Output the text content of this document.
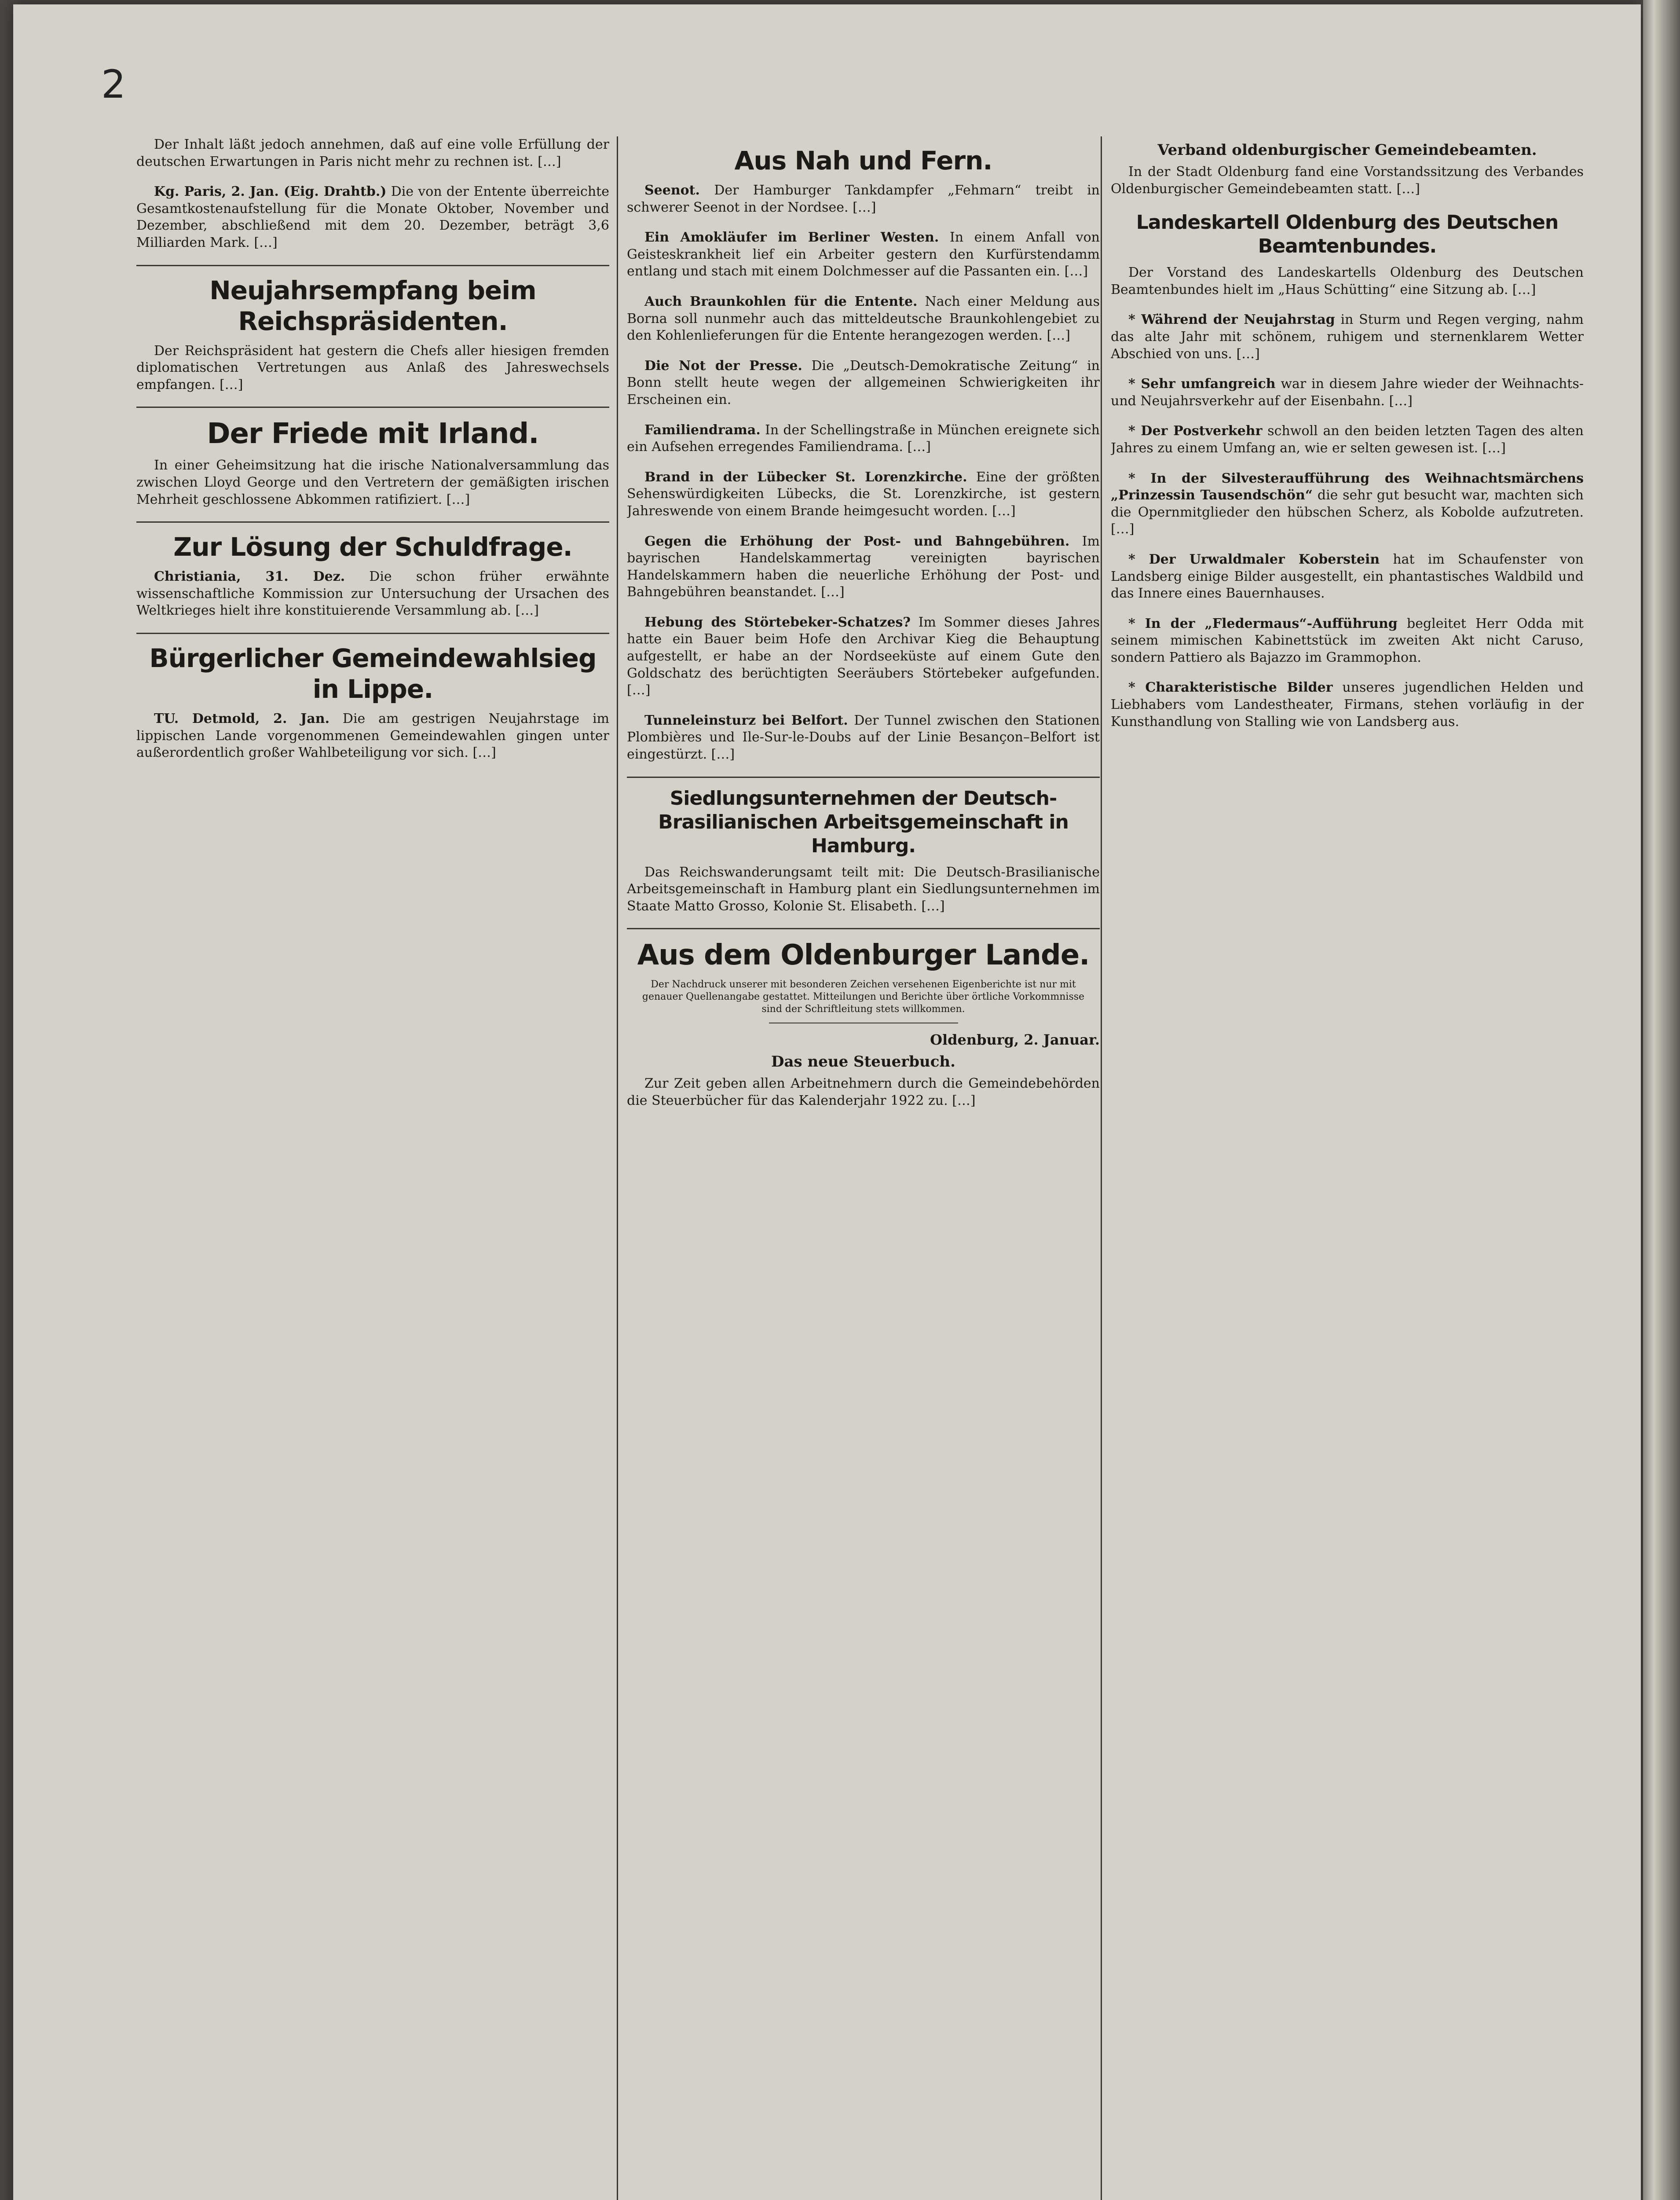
2

Der Inhalt läßt jedoch annehmen, daß auf eine volle Erfüllung der deutschen Erwartungen in Paris nicht mehr zu rechnen ist. […]

Kg. Paris, 2. Jan. (Eig. Drahtb.) Die von der Entente überreichte Gesamtkostenaufstellung für die Monate Oktober, November und Dezember, abschließend mit dem 20. Dezember, beträgt 3,6 Milliarden Mark. […]

Neujahrsempfang beim Reichspräsidenten.

Der Reichspräsident hat gestern die Chefs aller hiesigen fremden diplomatischen Vertretungen aus Anlaß des Jahreswechsels empfangen. […]

Der Friede mit Irland.

In einer Geheimsitzung hat die irische Nationalversammlung das zwischen Lloyd George und den Vertretern der gemäßigten irischen Mehrheit geschlossene Abkommen ratifiziert. […]

Zur Lösung der Schuldfrage.

Christiania, 31. Dez. Die schon früher erwähnte wissenschaftliche Kommission zur Untersuchung der Ursachen des Weltkrieges hielt ihre konstituierende Versammlung ab. […]

Bürgerlicher Gemeindewahlsieg in Lippe.

TU. Detmold, 2. Jan. Die am gestrigen Neujahrstage im lippischen Lande vorgenommenen Gemeindewahlen gingen unter außerordentlich großer Wahlbeteiligung vor sich. […]

Aus Nah und Fern.

Seenot. Der Hamburger Tankdampfer „Fehmarn“ treibt in schwerer Seenot in der Nordsee. […]

Ein Amokläufer im Berliner Westen. In einem Anfall von Geisteskrankheit lief ein Arbeiter gestern den Kurfürstendamm entlang und stach mit einem Dolchmesser auf die Passanten ein. […]

Auch Braunkohlen für die Entente. Nach einer Meldung aus Borna soll nunmehr auch das mitteldeutsche Braunkohlengebiet zu den Kohlenlieferungen für die Entente herangezogen werden. […]

Die Not der Presse. Die „Deutsch-Demokratische Zeitung“ in Bonn stellt heute wegen der allgemeinen Schwierigkeiten ihr Erscheinen ein.

Familiendrama. In der Schellingstraße in München ereignete sich ein Aufsehen erregendes Familiendrama. […]

Brand in der Lübecker St. Lorenzkirche. Eine der größten Sehenswürdigkeiten Lübecks, die St. Lorenzkirche, ist gestern Jahreswende von einem Brande heimgesucht worden. […]

Gegen die Erhöhung der Post- und Bahngebühren. Im bayrischen Handelskammertag vereinigten bayrischen Handelskammern haben die neuerliche Erhöhung der Post- und Bahngebühren beanstandet. […]

Hebung des Störtebeker-Schatzes? Im Sommer dieses Jahres hatte ein Bauer beim Hofe den Archivar Kieg die Behauptung aufgestellt, er habe an der Nordseeküste auf einem Gute den Goldschatz des berüchtigten Seeräubers Störtebeker aufgefunden. […]

Tunneleinsturz bei Belfort. Der Tunnel zwischen den Stationen Plombières und Ile-Sur-le-Doubs auf der Linie Besançon–Belfort ist eingestürzt. […]

Siedlungsunternehmen der Deutsch-Brasilianischen Arbeitsgemeinschaft in Hamburg.

Das Reichswanderungsamt teilt mit: Die Deutsch-Brasilianische Arbeitsgemeinschaft in Hamburg plant ein Siedlungsunternehmen im Staate Matto Grosso, Kolonie St. Elisabeth. […]

Aus dem Oldenburger Lande.
Der Nachdruck unserer mit besonderen Zeichen versehenen Eigenberichte ist nur mit genauer Quellenangabe gestattet. Mitteilungen und Berichte über örtliche Vorkommnisse sind der Schriftleitung stets willkommen.
Oldenburg, 2. Januar.
Das neue Steuerbuch.

Zur Zeit geben allen Arbeitnehmern durch die Gemeindebehörden die Steuerbücher für das Kalenderjahr 1922 zu. […]

Verband oldenburgischer Gemeindebeamten.

In der Stadt Oldenburg fand eine Vorstandssitzung des Verbandes Oldenburgischer Gemeindebeamten statt. […]

Landeskartell Oldenburg des Deutschen Beamtenbundes.

Der Vorstand des Landeskartells Oldenburg des Deutschen Beamtenbundes hielt im „Haus Schütting“ eine Sitzung ab. […]

* Während der Neujahrstag in Sturm und Regen verging, nahm das alte Jahr mit schönem, ruhigem und sternenklarem Wetter Abschied von uns. […]

* Sehr umfangreich war in diesem Jahre wieder der Weihnachts- und Neujahrsverkehr auf der Eisenbahn. […]

* Der Postverkehr schwoll an den beiden letzten Tagen des alten Jahres zu einem Umfang an, wie er selten gewesen ist. […]

* In der Silvesteraufführung des Weihnachtsmärchens „Prinzessin Tausendschön“ die sehr gut besucht war, machten sich die Opernmitglieder den hübschen Scherz, als Kobolde aufzutreten. […]

* Der Urwaldmaler Koberstein hat im Schaufenster von Landsberg einige Bilder ausgestellt, ein phantastisches Waldbild und das Innere eines Bauernhauses.

* In der „Fledermaus“-Aufführung begleitet Herr Odda mit seinem mimischen Kabinettstück im zweiten Akt nicht Caruso, sondern Pattiero als Bajazzo im Grammophon.

* Charakteristische Bilder unseres jugendlichen Helden und Liebhabers vom Landestheater, Firmans, stehen vorläufig in der Kunsthandlung von Stalling wie von Landsberg aus.
